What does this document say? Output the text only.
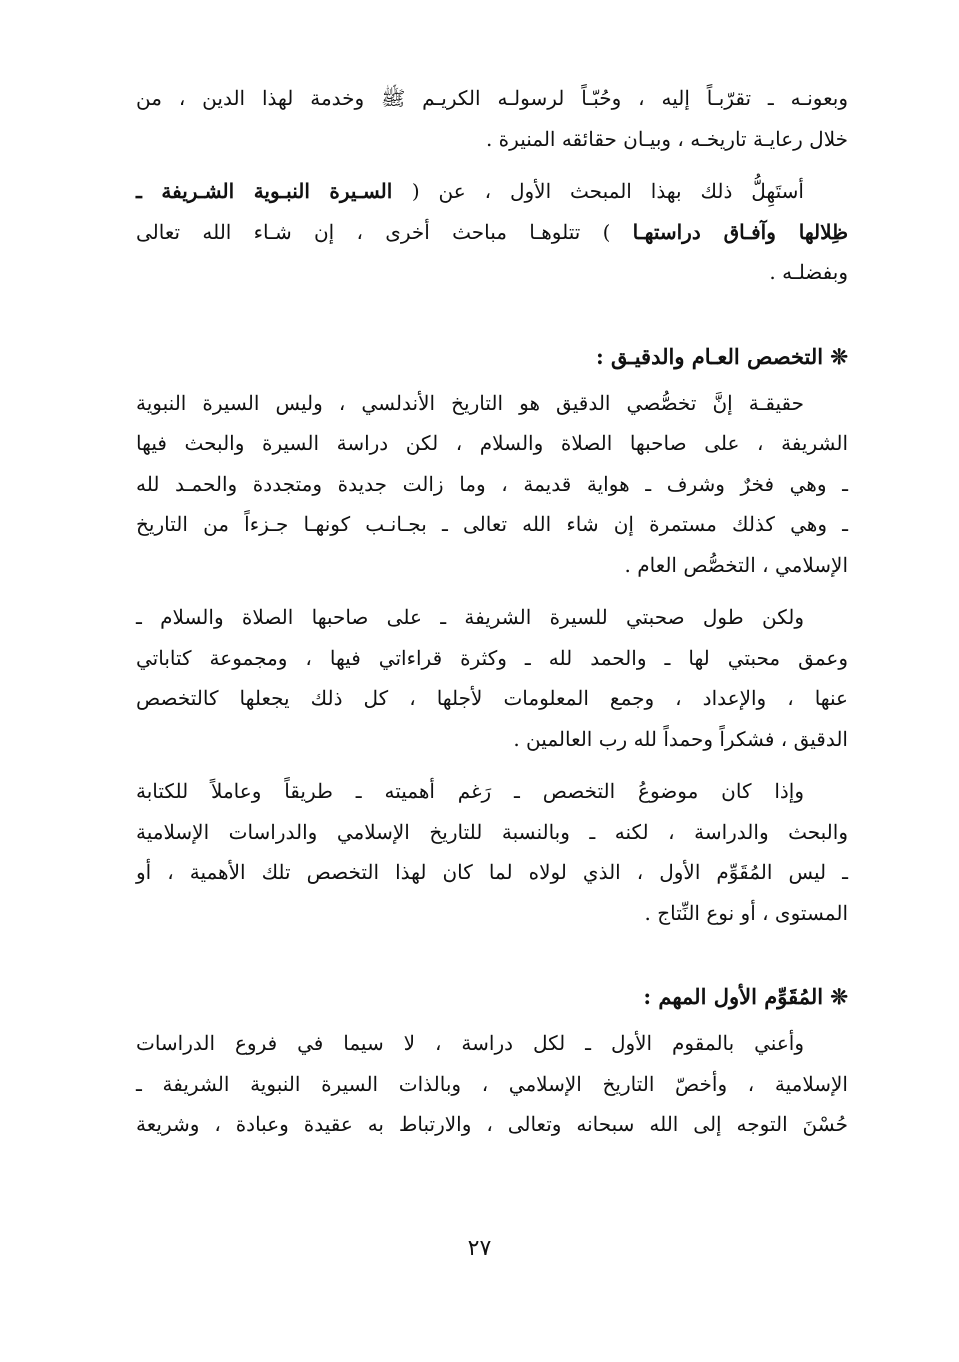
وبعونـه ـ تقرّبـاً إليه ، وحُبّـاً لرسولـه الكريـم ﷺ وخدمة لهذا الدين ، من
خلال رعايـة تاريخـه ، وبيـان حقائقه المنيرة .

أستَهِلُّ ذلك بهذا المبحث الأول ، عن ( السـيرة النبـوية الشـريفة ـ
ظِلالها وآفـاق دراستهـا ) تتلوهـا مباحث أخرى ، إن شـاء الله تعالى
وبفضلـه .

❊ التخصص العـام والدقيـق :

حقيقـة إنَّ تخصُّصي الدقيق هو التاريخ الأندلسي ، وليس السيرة النبوية
الشريفة ، على صاحبها الصلاة والسلام ، لكن دراسة السيرة والبحث فيها
ـ وهي فخرٌ وشرف ـ هواية قديمة ، وما زالت جديدة ومتجددة والحمـد لله
ـ وهي كذلك مستمرة إن شاء الله تعالى ـ بجـانـب كونهـا جـزءاً من التاريخ
الإسلامي ، التخصُّص العام .

ولكن طول صحبتي للسيرة الشريفة ـ على صاحبها الصلاة والسلام ـ
وعمق محبتي لها ـ والحمد لله ـ وكثرة قراءاتي فيها ، ومجموعة كتاباتي
عنها ، والإعداد ، وجمع المعلومات لأجلها ، كل ذلك يجعلها كالتخصص
الدقيق ، فشكراً وحمداً لله رب العالمين .

وإذا كان موضوعُ التخصص ـ رَغم أهميته ـ طريقاً وعاملاً للكتابة
والبحث والدراسة ، لكنه ـ وبالنسبة للتاريخ الإسلامي والدراسات الإسلامية
ـ ليس المُقَوِّم الأول ، الذي لولاه لما كان لهذا التخصص تلك الأهمية ، أو
المستوى ، أو نوع النِّتاج .

❊ المُقَوِّم الأول المهم :

وأعني بالمقوم الأول ـ لكل دراسة ، لا سيما في فروع الدراسات
الإسلامية ، وأخصّ التاريخ الإسلامي ، وبالذات السيرة النبوية الشريفة ـ
حُسْنَ التوجه إلى الله سبحانه وتعالى ، والارتباط به عقيدة وعبادة ، وشريعة

٢٧
